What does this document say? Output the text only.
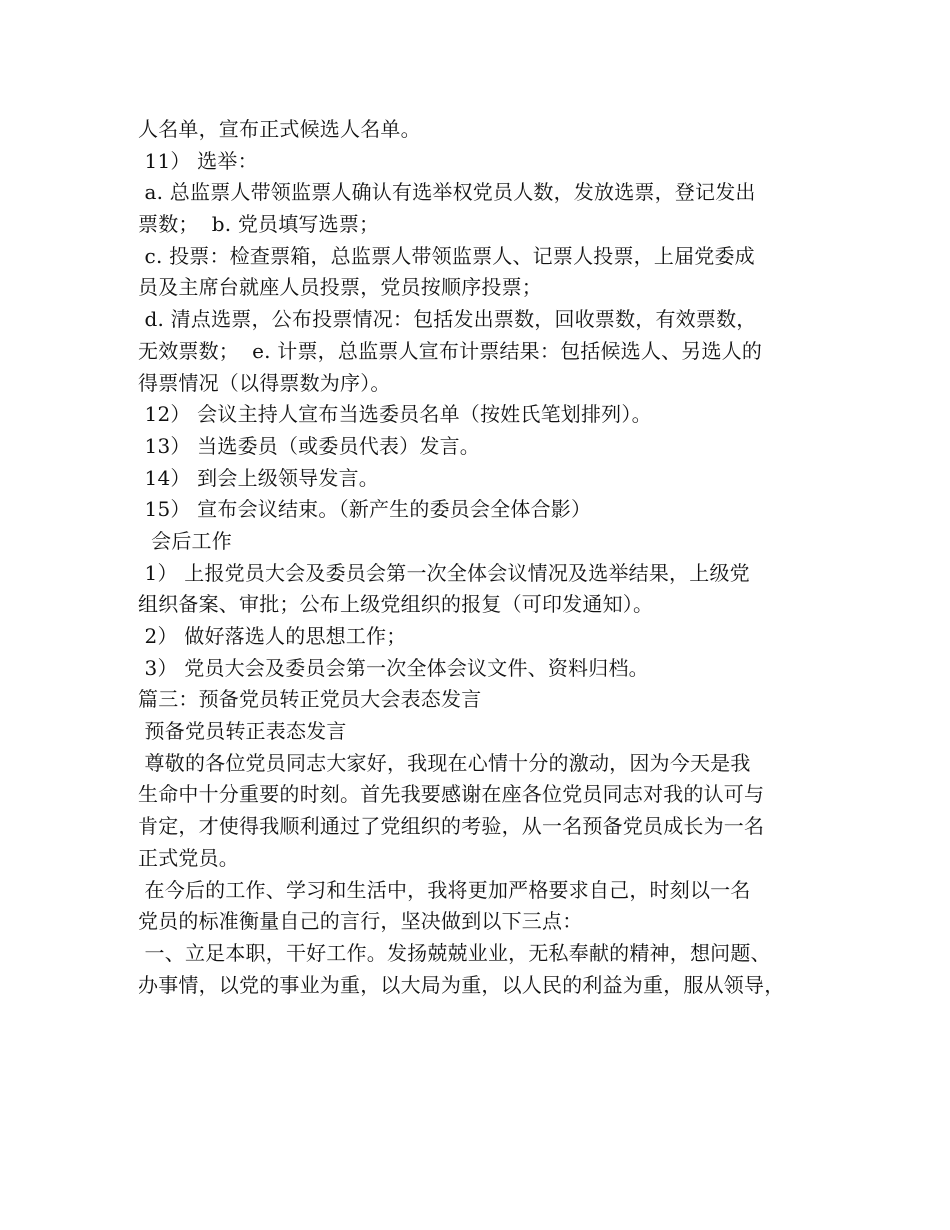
人名单，宣布正式候选人名单。
11） 选举：
a. 总监票人带领监票人确认有选举权党员人数，发放选票，登记发出
票数；  b. 党员填写选票；
c. 投票：检查票箱，总监票人带领监票人、记票人投票，上届党委成
员及主席台就座人员投票，党员按顺序投票；
d. 清点选票，公布投票情况：包括发出票数，回收票数，有效票数，
无效票数；  e. 计票，总监票人宣布计票结果：包括候选人、另选人的
得票情况（以得票数为序）。
12） 会议主持人宣布当选委员名单（按姓氏笔划排列）。
13） 当选委员（或委员代表）发言。
14） 到会上级领导发言。
15） 宣布会议结束。（新产生的委员会全体合影）
会后工作
1） 上报党员大会及委员会第一次全体会议情况及选举结果，上级党
组织备案、审批；公布上级党组织的报复（可印发通知）。
2） 做好落选人的思想工作；
3） 党员大会及委员会第一次全体会议文件、资料归档。
篇三：预备党员转正党员大会表态发言
预备党员转正表态发言
尊敬的各位党员同志大家好，我现在心情十分的激动，因为今天是我
生命中十分重要的时刻。首先我要感谢在座各位党员同志对我的认可与
肯定，才使得我顺利通过了党组织的考验，从一名预备党员成长为一名
正式党员。
在今后的工作、学习和生活中，我将更加严格要求自己，时刻以一名
党员的标准衡量自己的言行，坚决做到以下三点：
一、立足本职，干好工作。发扬兢兢业业，无私奉献的精神，想问题、
办事情，以党的事业为重，以大局为重，以人民的利益为重，服从领导，
